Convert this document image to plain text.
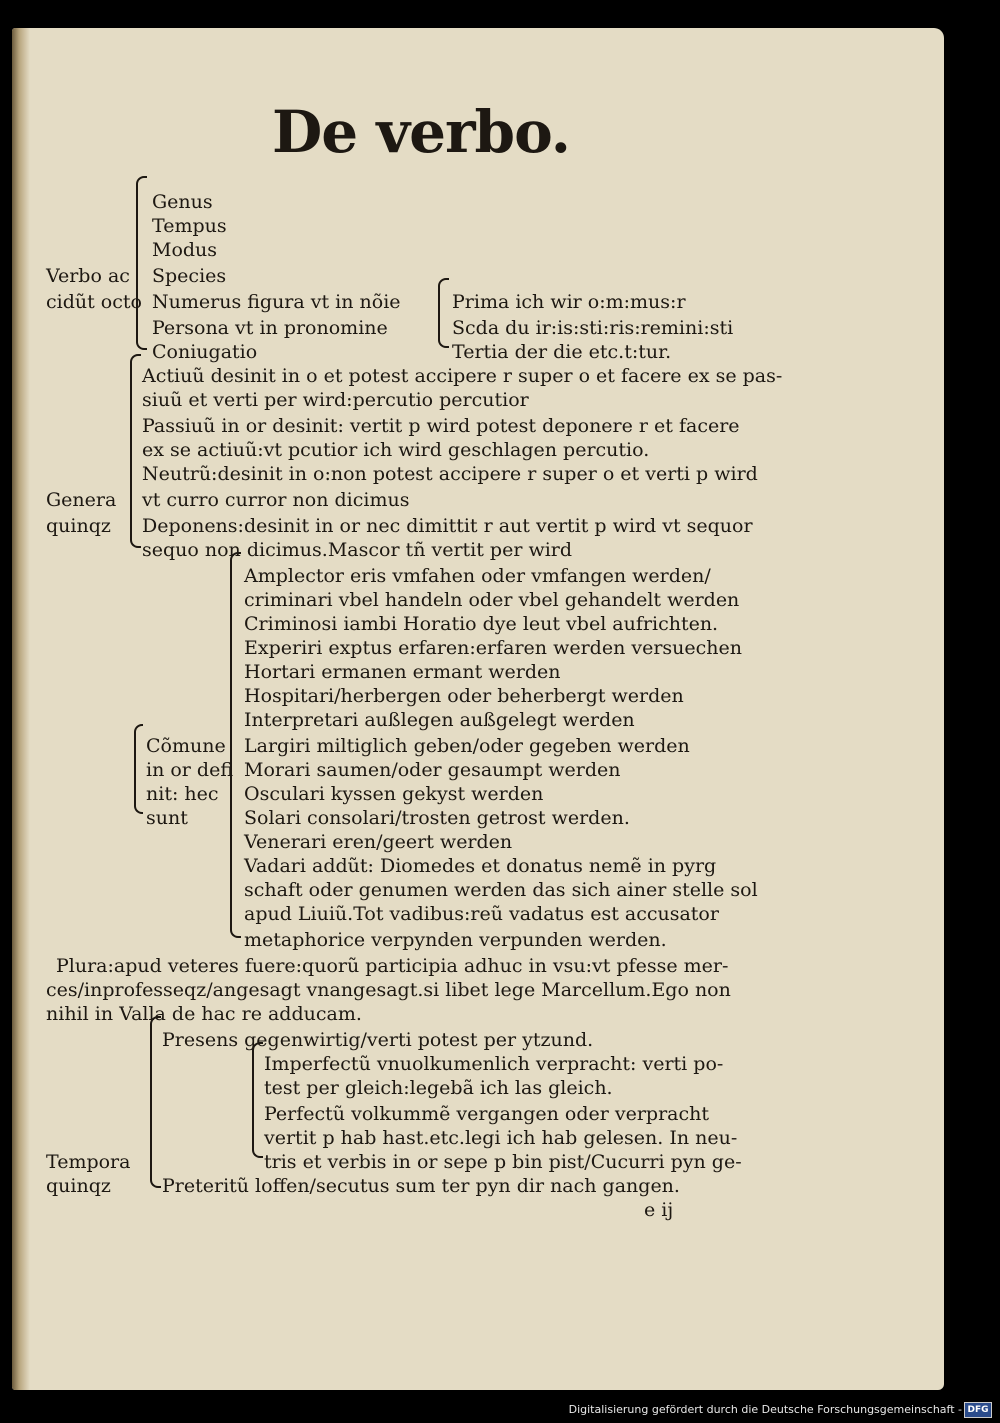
De verbo.
Genus
Tempus
Modus
Verbo ac Species
cidũt octo Numerus figura vt in nõie	Prima ich wir o:m:mus:r
Persona vt in pronomine	Scda du ir:is:sti:ris:remini:sti
Coniugatio	Tertia der die etc.t:tur.
Actiuũ desinit in o et potest accipere r super o et facere ex se pas-
siuũ et verti per wird:percutio percutior
Passiuũ in or desinit: vertit p wird potest deponere r et facere
ex se actiuũ:vt pcutior ich wird geschlagen percutio.
Neutrũ:desinit in o:non potest accipere r super o et verti p wird
Genera vt curro curror non dicimus
quinqz Deponens:desinit in or nec dimittit r aut vertit p wird vt sequor
sequo non dicimus.Mascor tñ vertit per wird
Amplector eris vmfahen oder vmfangen werden/
criminari vbel handeln oder vbel gehandelt werden
Criminosi iambi Horatio dye leut vbel aufrichten.
Experiri exptus erfaren:erfaren werden versuechen
Hortari ermanen ermant werden
Hospitari/herbergen oder beherbergt werden
Interpretari außlegen außgelegt werden
Cõmune Largiri miltiglich geben/oder gegeben werden
in or defi Morari saumen/oder gesaumpt werden
nit: hec Osculari kyssen gekyst werden
sunt	Solari consolari/trosten getrost werden.
Venerari eren/geert werden
Vadari addũt: Diomedes et donatus nemẽ in pyrg
schaft oder genumen werden das sich ainer stelle sol
apud Liuiũ.Tot vadibus:reũ vadatus est accusator
metaphorice verpynden verpunden werden.
Plura:apud veteres fuere:quorũ participia adhuc in vsu:vt pfesse mer-
ces/inprofesseqz/angesagt vnangesagt.si libet lege Marcellum.Ego non
nihil in Valla de hac re adducam.
Presens gegenwirtig/verti potest per ytzund.
Imperfectũ vnuolkumenlich verpracht: verti po-
test per gleich:legebã ich las gleich.
Perfectũ volkummẽ vergangen oder verpracht
vertit p hab hast.etc.legi ich hab gelesen. In neu-
Tempora	tris et verbis in or sepe p bin pist/Cucurri pyn ge-
quinqz	Preteritũ loffen/secutus sum ter pyn dir nach gangen.
e ij
Digitalisierung gefördert durch die Deutsche Forschungsgemeinschaft - DFG
